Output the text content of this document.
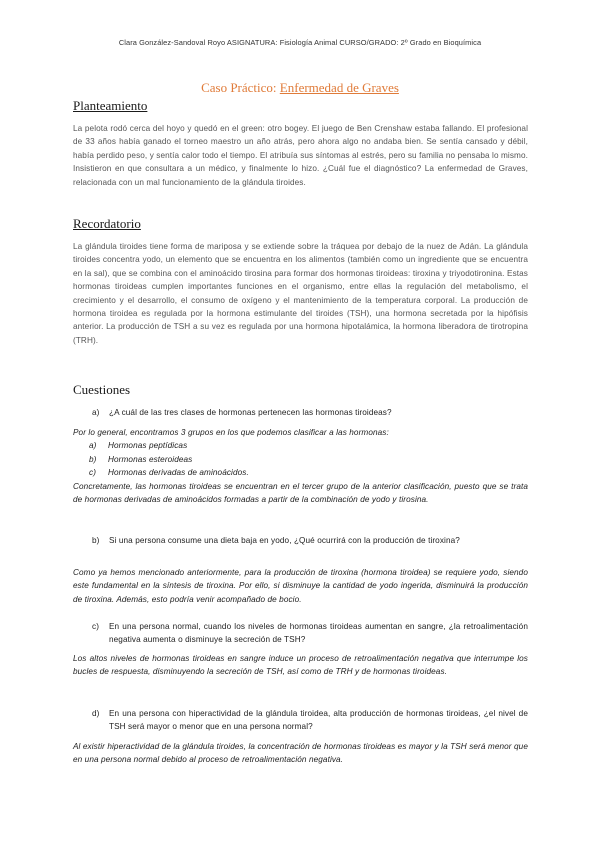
Clara González-Sandoval Royo ASIGNATURA: Fisiología Animal CURSO/GRADO: 2º Grado en Bioquímica
Caso Práctico: Enfermedad de Graves
Planteamiento

La pelota rodó cerca del hoyo y quedó en el green: otro bogey. El juego de Ben Crenshaw estaba fallando. El profesional de 33 años había ganado el torneo maestro un año atrás, pero ahora algo no andaba bien. Se sentía cansado y débil, había perdido peso, y sentía calor todo el tiempo. El atribuía sus síntomas al estrés, pero su familia no pensaba lo mismo. Insistieron en que consultara a un médico, y finalmente lo hizo. ¿Cuál fue el diagnóstico? La enfermedad de Graves, relacionada con un mal funcionamiento de la glándula tiroides.

Recordatorio

La glándula tiroides tiene forma de mariposa y se extiende sobre la tráquea por debajo de la nuez de Adán. La glándula tiroides concentra yodo, un elemento que se encuentra en los alimentos (también como un ingrediente que se encuentra en la sal), que se combina con el aminoácido tirosina para formar dos hormonas tiroideas: tiroxina y triyodotironina. Estas hormonas tiroideas cumplen importantes funciones en el organismo, entre ellas la regulación del metabolismo, el crecimiento y el desarrollo, el consumo de oxígeno y el mantenimiento de la temperatura corporal. La producción de hormona tiroidea es regulada por la hormona estimulante del tiroides (TSH), una hormona secretada por la hipófisis anterior. La producción de TSH a su vez es regulada por una hormona hipotalámica, la hormona liberadora de tirotropina (TRH).

Cuestiones
a) ¿A cuál de las tres clases de hormonas pertenecen las hormonas tiroideas?
Por lo general, encontramos 3 grupos en los que podemos clasificar a las hormonas:
a) Hormonas peptídicas
b) Hormonas esteroideas
c) Hormonas derivadas de aminoácidos.
Concretamente, las hormonas tiroideas se encuentran en el tercer grupo de la anterior clasificación, puesto que se trata de hormonas derivadas de aminoácidos formadas a partir de la combinación de yodo y tirosina.
b) Si una persona consume una dieta baja en yodo, ¿Qué ocurrirá con la producción de tiroxina?

Como ya hemos mencionado anteriormente, para la producción de tiroxina (hormona tiroidea) se requiere yodo, siendo este fundamental en la síntesis de tiroxina. Por ello, si disminuye la cantidad de yodo ingerida, disminuirá la producción de tiroxina. Además, esto podría venir acompañado de bocio.

c) En una persona normal, cuando los niveles de hormonas tiroideas aumentan en sangre, ¿la retroalimentación negativa aumenta o disminuye la secreción de TSH?

Los altos niveles de hormonas tiroideas en sangre induce un proceso de retroalimentación negativa que interrumpe los bucles de respuesta, disminuyendo la secreción de TSH, así como de TRH y de hormonas tiroideas.

d) En una persona con hiperactividad de la glándula tiroidea, alta producción de hormonas tiroideas, ¿el nivel de TSH será mayor o menor que en una persona normal?

Al existir hiperactividad de la glándula tiroides, la concentración de hormonas tiroideas es mayor y la TSH será menor que en una persona normal debido al proceso de retroalimentación negativa.
